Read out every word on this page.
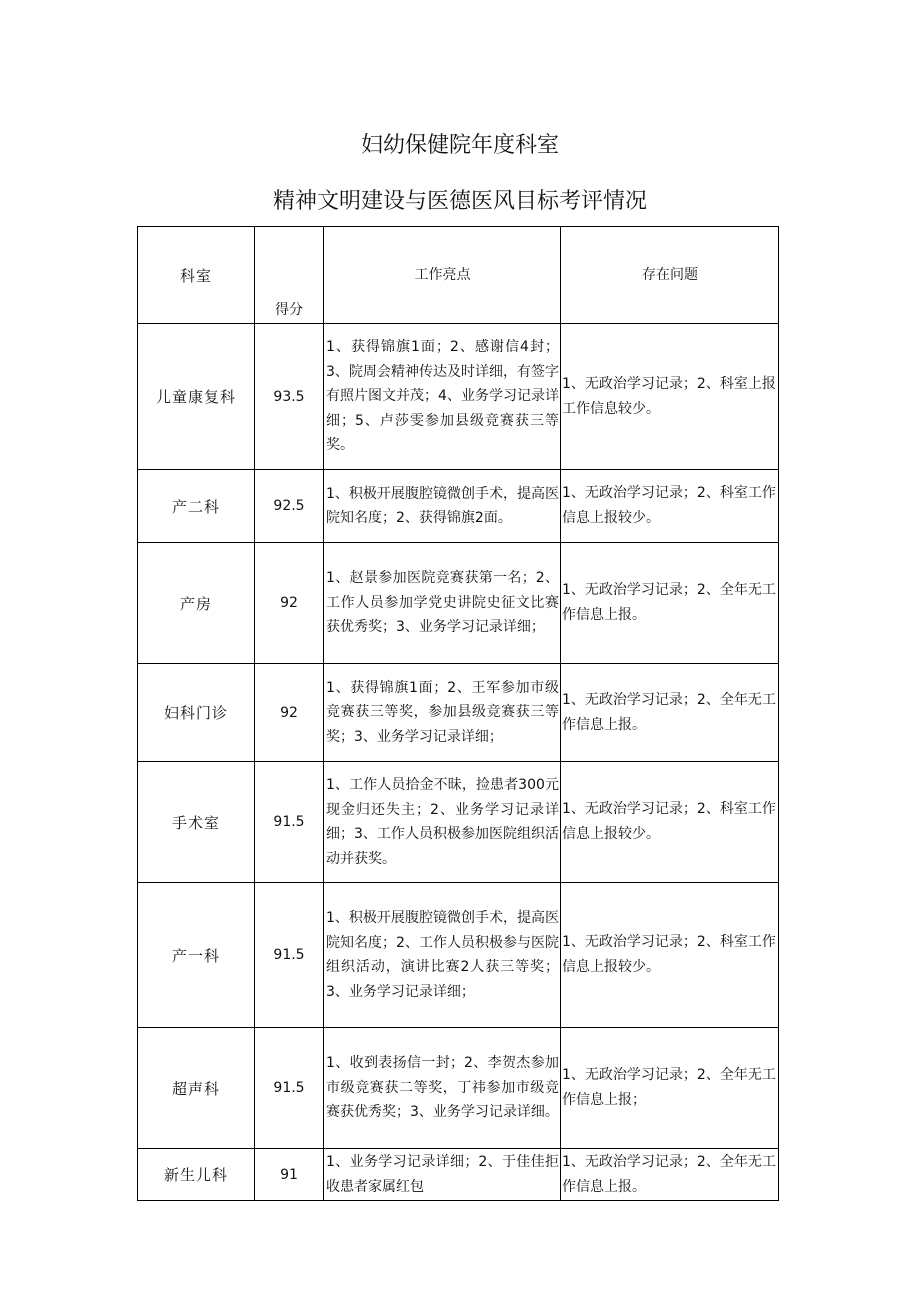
妇幼保健院年度科室
精神文明建设与医德医风目标考评情况
科室	得分	工作亮点	存在问题
儿童康复科	93.5	1、获得锦旗1面；2、感谢信4封；3、院周会精神传达及时详细，有签字有照片图文并茂；4、业务学习记录详细；5、卢莎雯参加县级竞赛获三等奖。	1、无政治学习记录；2、科室上报工作信息较少。
产二科	92.5	1、积极开展腹腔镜微创手术，提高医院知名度；2、获得锦旗2面。	1、无政治学习记录；2、科室工作信息上报较少。
产房	92	1、赵景参加医院竞赛获第一名；2、工作人员参加学党史讲院史征文比赛获优秀奖；3、业务学习记录详细；	1、无政治学习记录；2、全年无工作信息上报。
妇科门诊	92	1、获得锦旗1面；2、王军参加市级竞赛获三等奖，参加县级竞赛获三等奖；3、业务学习记录详细；	1、无政治学习记录；2、全年无工作信息上报。
手术室	91.5	1、工作人员拾金不昧，捡患者300元现金归还失主；2、业务学习记录详细；3、工作人员积极参加医院组织活动并获奖。	1、无政治学习记录；2、科室工作信息上报较少。
产一科	91.5	1、积极开展腹腔镜微创手术，提高医院知名度；2、工作人员积极参与医院组织活动，演讲比赛2人获三等奖；3、业务学习记录详细；	1、无政治学习记录；2、科室工作信息上报较少。
超声科	91.5	1、收到表扬信一封；2、李贺杰参加市级竞赛获二等奖，丁祎参加市级竞赛获优秀奖；3、业务学习记录详细。	1、无政治学习记录；2、全年无工作信息上报；
新生儿科	91	1、业务学习记录详细；2、于佳佳拒收患者家属红包	1、无政治学习记录；2、全年无工作信息上报。
